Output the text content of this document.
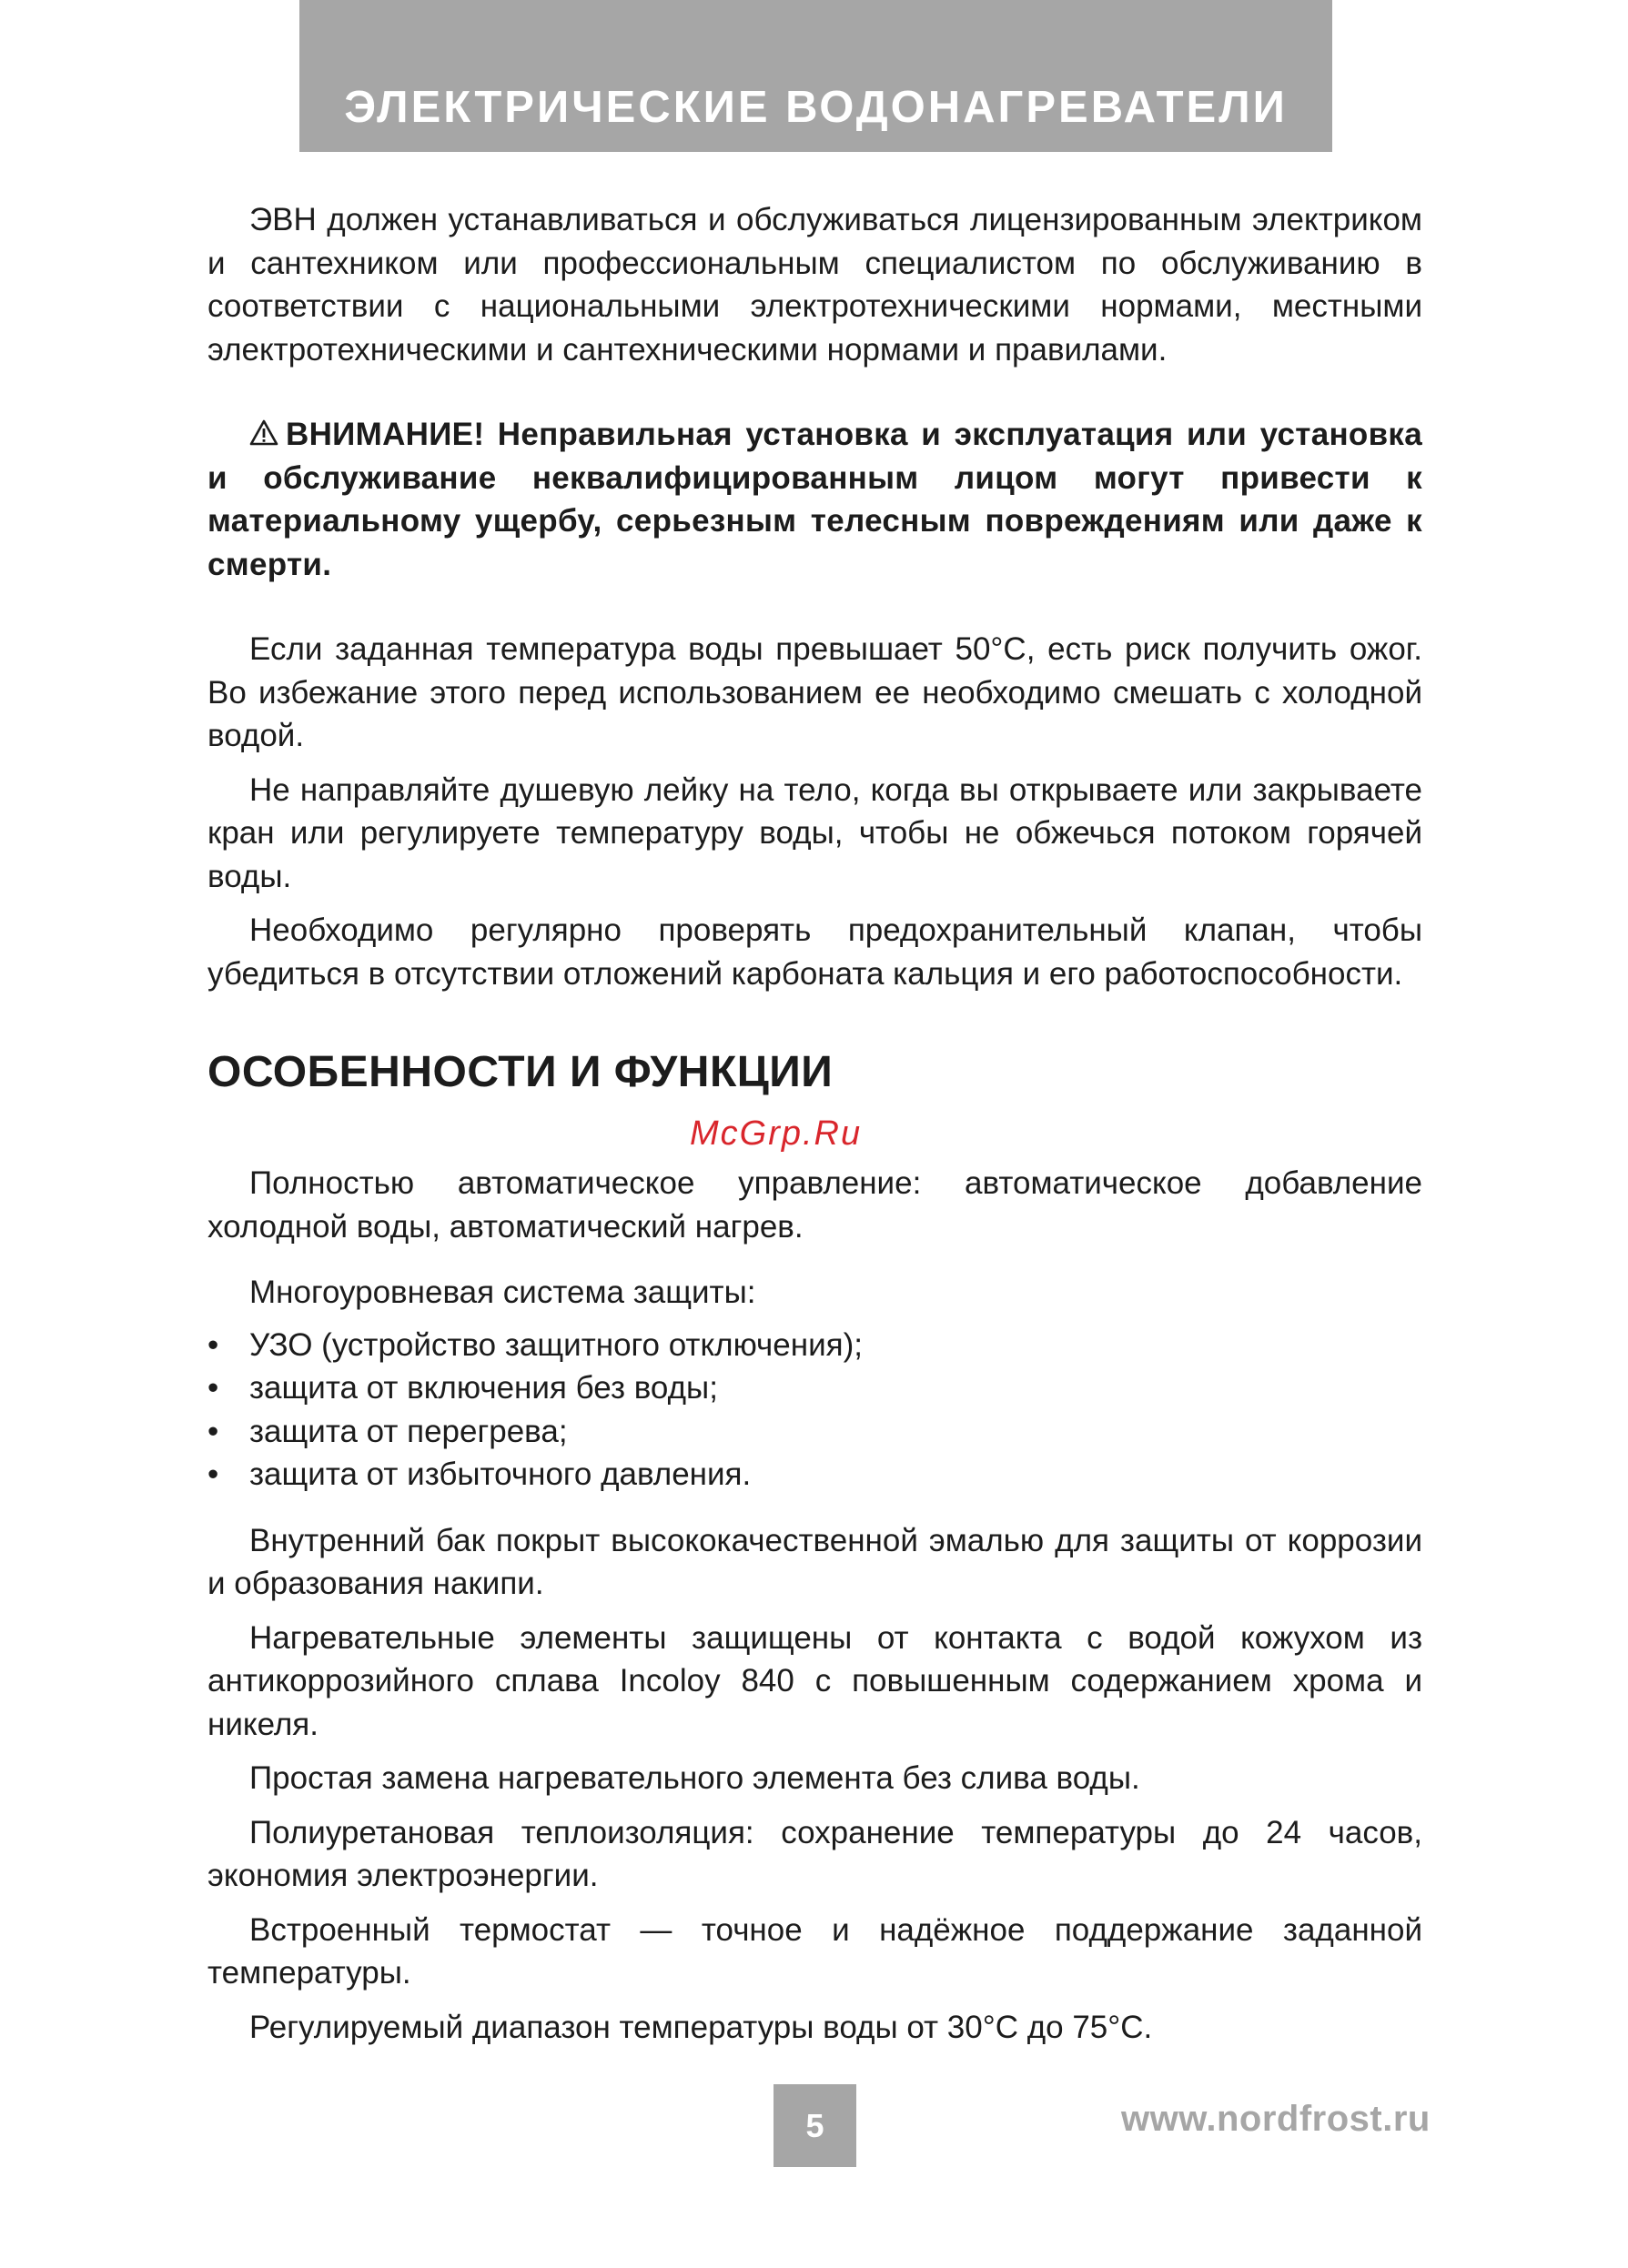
ЭЛЕКТРИЧЕСКИЕ ВОДОНАГРЕВАТЕЛИ

ЭВН должен устанавливаться и обслуживаться лицензированным электриком и сантехником или профессиональным специалистом по обслуживанию в соответствии с национальными электротехническими нормами, местными электротехническими и сантехническими нормами и правилами.

ВНИМАНИЕ! Неправильная установка и эксплуатация или установка и обслуживание неквалифицированным лицом могут привести к материальному ущербу, серьезным телесным повреждениям или даже к смерти.

Если заданная температура воды превышает 50°C, есть риск получить ожог. Во избежание этого перед использованием ее необходимо смешать с холодной водой.

Не направляйте душевую лейку на тело, когда вы открываете или закрываете кран или регулируете температуру воды, чтобы не обжечься потоком горячей воды.

Необходимо регулярно проверять предохранительный клапан, чтобы убедиться в отсутствии отложений карбоната кальция и его работоспособности.

ОСОБЕННОСТИ И ФУНКЦИИ

Полностью автоматическое управление: автоматическое добавление холодной воды, автоматический нагрев.

Многоуровневая система защиты:

• УЗО (устройство защитного отключения);
• защита от включения без воды;
• защита от перегрева;
• защита от избыточного давления.

Внутренний бак покрыт высококачественной эмалью для защиты от коррозии и образования накипи.

Нагревательные элементы защищены от контакта с водой кожухом из антикоррозийного сплава Incoloy 840 с повышенным содержанием хрома и никеля.

Простая замена нагревательного элемента без слива воды.

Полиуретановая теплоизоляция: сохранение температуры до 24 часов, экономия электроэнергии.

Встроенный термостат — точное и надёжное поддержание заданной температуры.

Регулируемый диапазон температуры воды от 30°C до 75°C.

McGrp.Ru
5	www.nordfrost.ru
